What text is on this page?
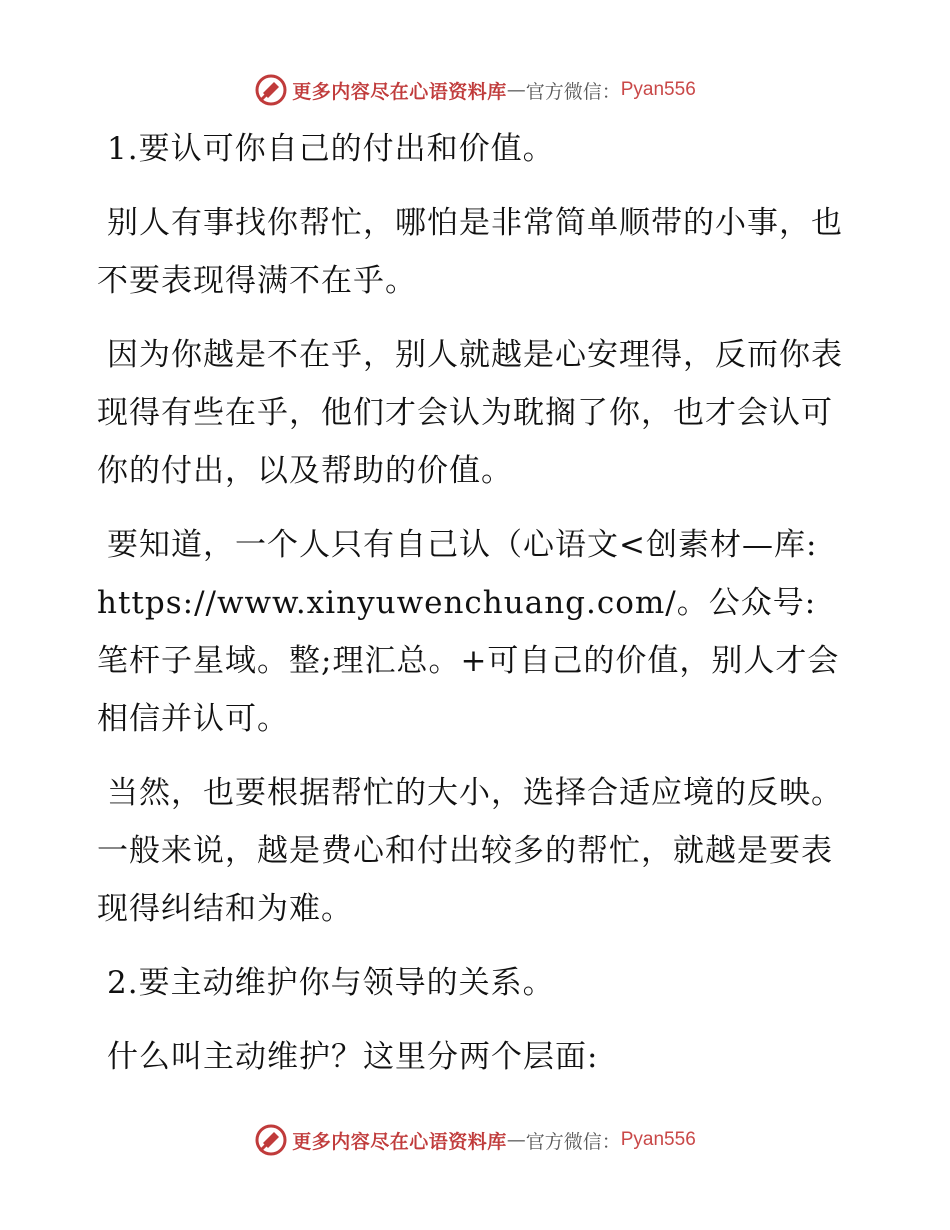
更多内容尽在心语资料库 — 官方微信： Pyan556

1.要认可你自己的付出和价值。

别人有事找你帮忙，哪怕是非常简单顺带的小事，也不要表现得满不在乎。

因为你越是不在乎，别人就越是心安理得，反而你表现得有些在乎，他们才会认为耽搁了你，也才会认可你的付出，以及帮助的价值。

要知道，一个人只有自己认（心语文<创素材—库: https://www.xinyuwenchuang.com/。公众号: 笔杆子星域。整;理汇总。+可自己的价值，别人才会相信并认可。

当然，也要根据帮忙的大小，选择合适应境的反映。一般来说，越是费心和付出较多的帮忙，就越是要表现得纠结和为难。

2.要主动维护你与领导的关系。

什么叫主动维护？这里分两个层面:

更多内容尽在心语资料库 — 官方微信： Pyan556
